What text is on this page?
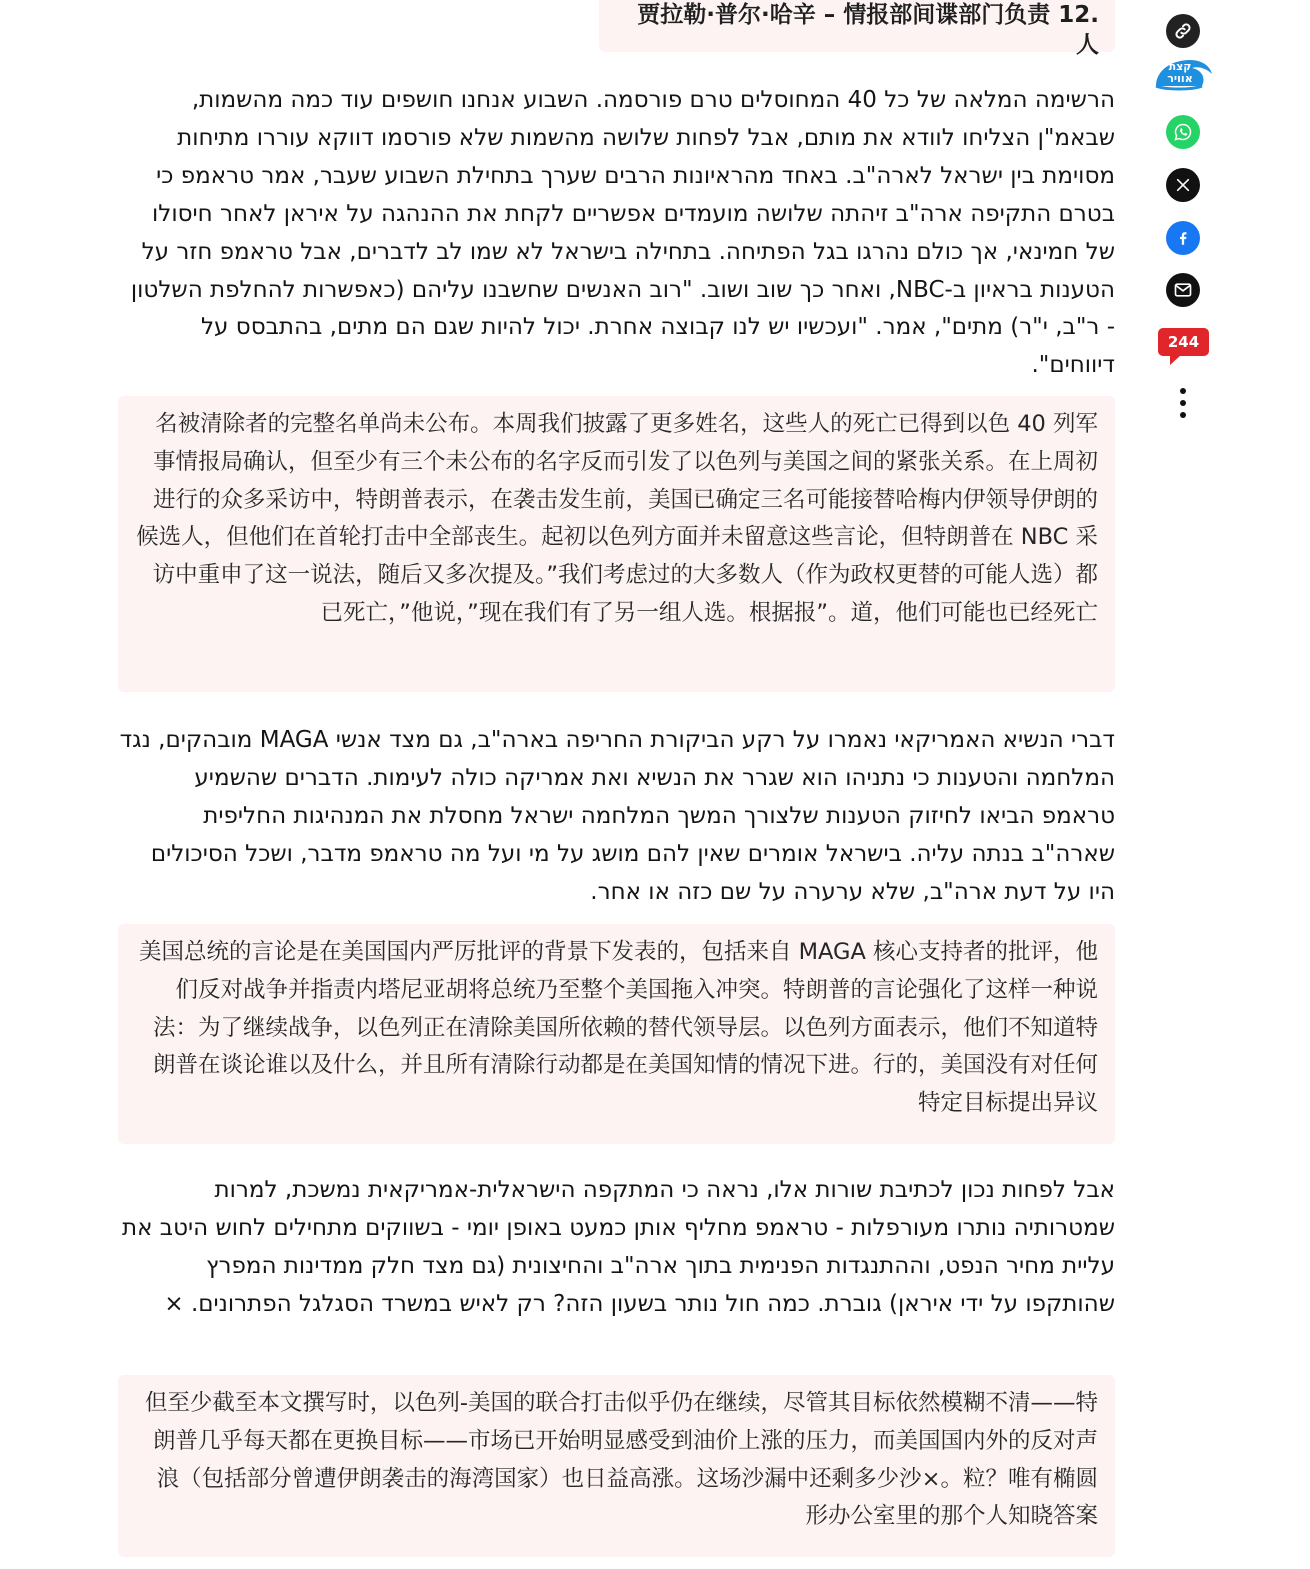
.12 贾拉勒·普尔·哈辛 – 情报部间谍部门负责人

הרשימה המלאה של כל 40 המחוסלים טרם פורסמה. השבוע אנחנו חושפים עוד כמה מהשמות, שבאמ"ן הצליחו לוודא את מותם, אבל לפחות שלושה מהשמות שלא פורסמו דווקא עוררו מתיחות מסוימת בין ישראל לארה"ב. באחד מהראיונות הרבים שערך בתחילת השבוע שעבר, אמר טראמפ כי בטרם התקיפה ארה"ב זיהתה שלושה מועמדים אפשריים לקחת את ההנהגה על איראן לאחר חיסולו של חמינאי, אך כולם נהרגו בגל הפתיחה. בתחילה בישראל לא שמו לב לדברים, אבל טראמפ חזר על הטענות בראיון ב-NBC, ואחר כך שוב ושוב. "רוב האנשים שחשבנו עליהם (כאפשרות להחלפת השלטון - ר"ב, י"ר) מתים", אמר. "ועכשיו יש לנו קבוצה אחרת. יכול להיות שגם הם מתים, בהתבסס על דיווחים".

名被清除者的完整名单尚未公布。本周我们披露了更多姓名，这些人的死亡已得到以色 40 列军事情报局确认，但至少有三个未公布的名字反而引发了以色列与美国之间的紧张关系。在上周初进行的众多采访中，特朗普表示，在袭击发生前，美国已确定三名可能接替哈梅内伊领导伊朗的候选人，但他们在首轮打击中全部丧生。起初以色列方面并未留意这些言论，但特朗普在 NBC 采访中重申了这一说法，随后又多次提及。”我们考虑过的大多数人（作为政权更替的可能人选）都已死亡，”他说，”现在我们有了另一组人选。根据报”。道，他们可能也已经死亡

דברי הנשיא האמריקאי נאמרו על רקע הביקורת החריפה בארה"ב, גם מצד אנשי MAGA מובהקים, נגד המלחמה והטענות כי נתניהו הוא שגרר את הנשיא ואת אמריקה כולה לעימות. הדברים שהשמיע טראמפ הביאו לחיזוק הטענות שלצורך המשך המלחמה ישראל מחסלת את המנהיגות החליפית שארה"ב בנתה עליה. בישראל אומרים שאין להם מושג על מי ועל מה טראמפ מדבר, ושכל הסיכולים היו על דעת ארה"ב, שלא ערערה על שם כזה או אחר.

美国总统的言论是在美国国内严厉批评的背景下发表的，包括来自 MAGA 核心支持者的批评，他们反对战争并指责内塔尼亚胡将总统乃至整个美国拖入冲突。特朗普的言论强化了这样一种说法：为了继续战争，以色列正在清除美国所依赖的替代领导层。以色列方面表示，他们不知道特朗普在谈论谁以及什么，并且所有清除行动都是在美国知情的情况下进。行的，美国没有对任何特定目标提出异议

אבל לפחות נכון לכתיבת שורות אלו, נראה כי המתקפה הישראלית-אמריקאית נמשכת, למרות שמטרותיה נותרו מעורפלות - טראמפ מחליף אותן כמעט באופן יומי - בשווקים מתחילים לחוש היטב את עליית מחיר הנפט, וההתנגדות הפנימית בתוך ארה"ב והחיצונית (גם מצד חלק ממדינות המפרץ שהותקפו על ידי איראן) גוברת. כמה חול נותר בשעון הזה? רק לאיש במשרד הסגלגל הפתרונים. ×

但至少截至本文撰写时，以色列-美国的联合打击似乎仍在继续，尽管其目标依然模糊不清——特朗普几乎每天都在更换目标——市场已开始明显感受到油价上涨的压力，而美国国内外的反对声浪（包括部分曾遭伊朗袭击的海湾国家）也日益高涨。这场沙漏中还剩多少沙×。粒？唯有椭圆形办公室里的那个人知晓答案

קצת אוויר
244
